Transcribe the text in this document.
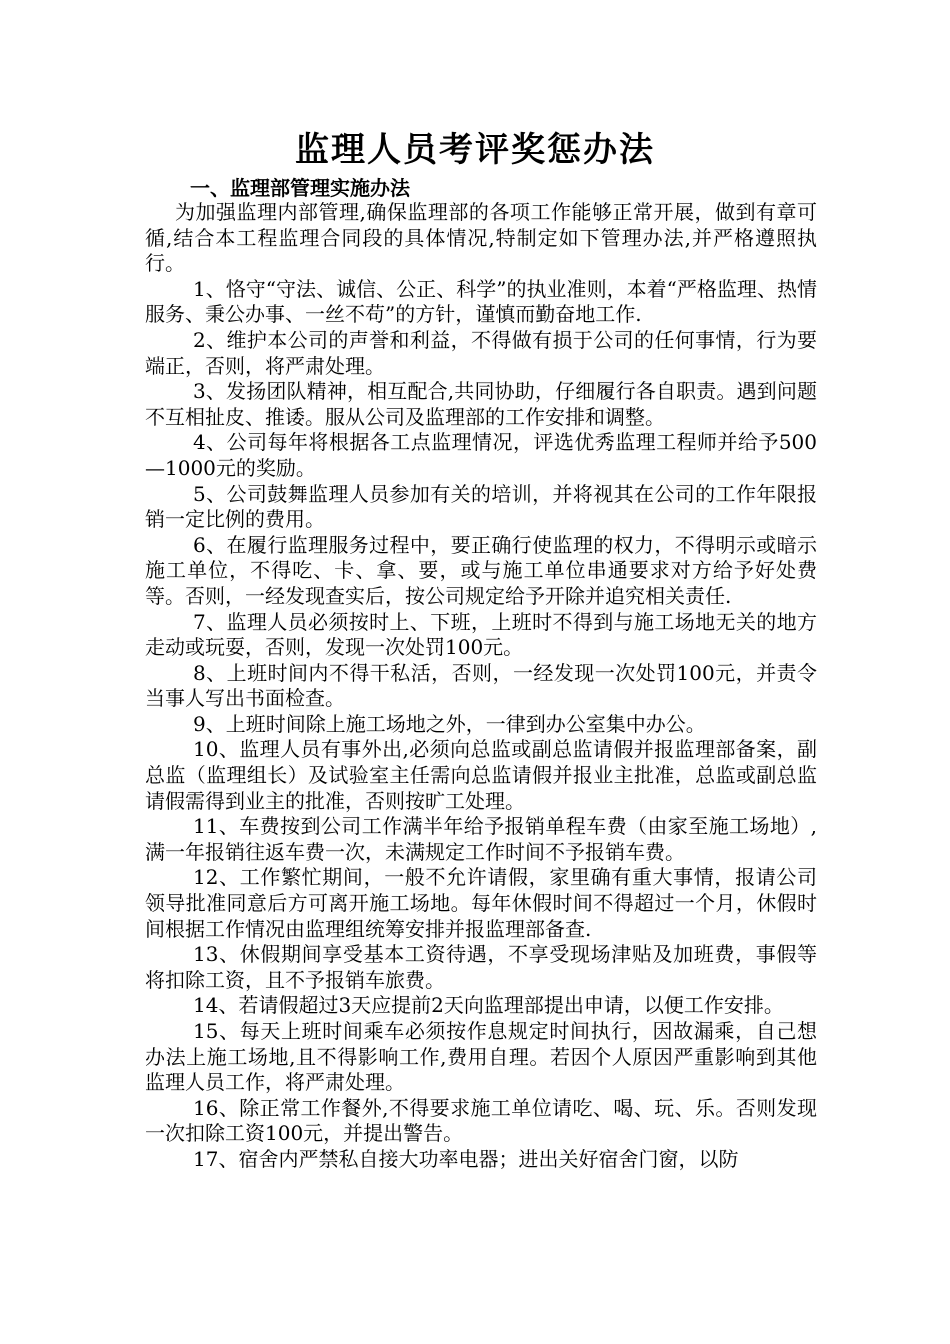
监理人员考评奖惩办法
一、监理部管理实施办法

为加强监理内部管理,确保监理部的各项工作能够正常开展，做到有章可循,结合本工程监理合同段的具体情况,特制定如下管理办法,并严格遵照执行。

1、恪守“守法、诚信、公正、科学”的执业准则，本着“严格监理、热情服务、秉公办事、一丝不苟”的方针，谨慎而勤奋地工作.

2、维护本公司的声誉和利益，不得做有损于公司的任何事情，行为要端正，否则，将严肃处理。

3、发扬团队精神，相互配合,共同协助，仔细履行各自职责。遇到问题不互相扯皮、推诿。服从公司及监理部的工作安排和调整。

4、公司每年将根据各工点监理情况，评选优秀监理工程师并给予500—1000元的奖励。

5、公司鼓舞监理人员参加有关的培训，并将视其在公司的工作年限报销一定比例的费用。

6、在履行监理服务过程中，要正确行使监理的权力，不得明示或暗示施工单位，不得吃、卡、拿、要，或与施工单位串通要求对方给予好处费等。否则，一经发现查实后，按公司规定给予开除并追究相关责任.

7、监理人员必须按时上、下班，上班时不得到与施工场地无关的地方走动或玩耍，否则，发现一次处罚100元。

8、上班时间内不得干私活，否则，一经发现一次处罚100元，并责令当事人写出书面检查。

9、上班时间除上施工场地之外，一律到办公室集中办公。

10、监理人员有事外出,必须向总监或副总监请假并报监理部备案，副总监（监理组长）及试验室主任需向总监请假并报业主批准，总监或副总监请假需得到业主的批准，否则按旷工处理。

11、车费按到公司工作满半年给予报销单程车费（由家至施工场地）,满一年报销往返车费一次，未满规定工作时间不予报销车费。

12、工作繁忙期间，一般不允许请假，家里确有重大事情，报请公司领导批准同意后方可离开施工场地。每年休假时间不得超过一个月，休假时间根据工作情况由监理组统筹安排并报监理部备查.

13、休假期间享受基本工资待遇，不享受现场津贴及加班费，事假等将扣除工资，且不予报销车旅费。

14、若请假超过3天应提前2天向监理部提出申请，以便工作安排。

15、每天上班时间乘车必须按作息规定时间执行，因故漏乘，自己想办法上施工场地,且不得影响工作,费用自理。若因个人原因严重影响到其他监理人员工作，将严肃处理。

16、除正常工作餐外,不得要求施工单位请吃、喝、玩、乐。否则发现一次扣除工资100元，并提出警告。

17、宿舍内严禁私自接大功率电器；进出关好宿舍门窗，以防
